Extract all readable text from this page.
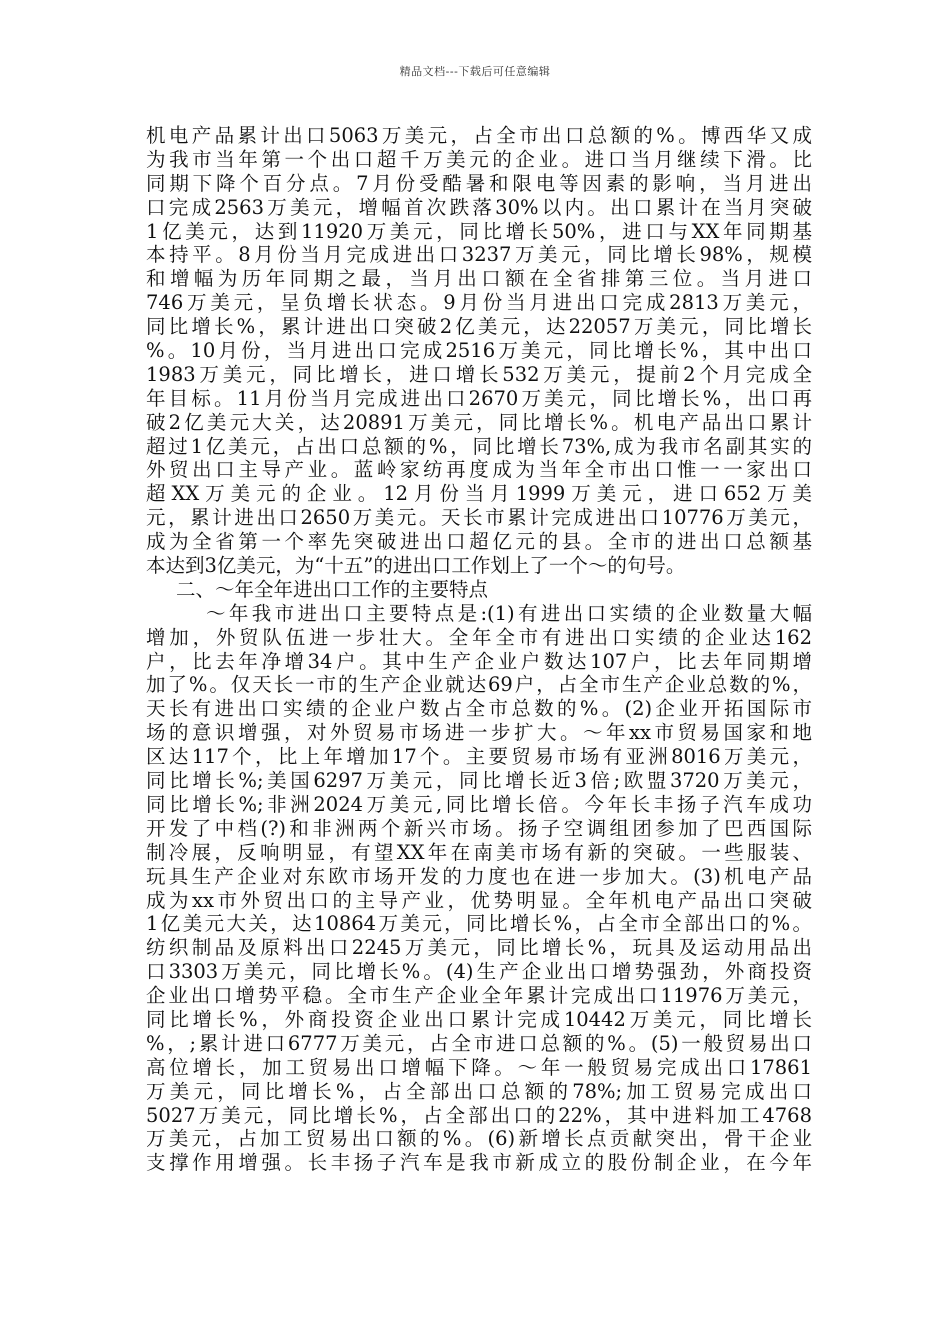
精品文档---下载后可任意编辑
机电产品累计出口5063万美元，占全市出口总额的%。博西华又成
为我市当年第一个出口超千万美元的企业。进口当月继续下滑。比
同期下降个百分点。7月份受酷暑和限电等因素的影响，当月进出
口完成2563万美元，增幅首次跌落30%以内。出口累计在当月突破
1亿美元，达到11920万美元，同比增长50%，进口与XX年同期基
本持平。8月份当月完成进出口3237万美元，同比增长98%，规模
和增幅为历年同期之最，当月出口额在全省排第三位。当月进口
746万美元，呈负增长状态。9月份当月进出口完成2813万美元，
同比增长%，累计进出口突破2亿美元，达22057万美元，同比增长
%。10月份，当月进出口完成2516万美元，同比增长%，其中出口
1983万美元，同比增长，进口增长532万美元，提前2个月完成全
年目标。11月份当月完成进出口2670万美元，同比增长%，出口再
破2亿美元大关，达20891万美元，同比增长%。机电产品出口累计
超过1亿美元，占出口总额的%，同比增长73%,成为我市名副其实的
外贸出口主导产业。蓝岭家纺再度成为当年全市出口惟一一家出口
超XX万美元的企业。12月份当月1999万美元，进口652万美
元，累计进出口2650万美元。天长市累计完成进出口10776万美元，
成为全省第一个率先突破进出口超亿元的县。全市的进出口总额基
本达到3亿美元，为“十五”的进出口工作划上了一个～的句号。
二、～年全年进出口工作的主要特点
～年我市进出口主要特点是:(1)有进出口实绩的企业数量大幅
增加，外贸队伍进一步壮大。全年全市有进出口实绩的企业达162
户，比去年净增34户。其中生产企业户数达107户，比去年同期增
加了%。仅天长一市的生产企业就达69户，占全市生产企业总数的%，
天长有进出口实绩的企业户数占全市总数的%。(2)企业开拓国际市
场的意识增强，对外贸易市场进一步扩大。～年xx市贸易国家和地
区达117个，比上年增加17个。主要贸易市场有亚洲8016万美元，
同比增长%;美国6297万美元，同比增长近3倍;欧盟3720万美元，
同比增长%;非洲2024万美元,同比增长倍。今年长丰扬子汽车成功
开发了中档(?)和非洲两个新兴市场。扬子空调组团参加了巴西国际
制冷展，反响明显，有望XX年在南美市场有新的突破。一些服装、
玩具生产企业对东欧市场开发的力度也在进一步加大。(3)机电产品
成为xx市外贸出口的主导产业，优势明显。全年机电产品出口突破
1亿美元大关，达10864万美元，同比增长%，占全市全部出口的%。
纺织制品及原料出口2245万美元，同比增长%，玩具及运动用品出
口3303万美元，同比增长%。(4)生产企业出口增势强劲，外商投资
企业出口增势平稳。全市生产企业全年累计完成出口11976万美元，
同比增长%，外商投资企业出口累计完成10442万美元，同比增长
%，;累计进口6777万美元，占全市进口总额的%。(5)一般贸易出口
高位增长，加工贸易出口增幅下降。～年一般贸易完成出口17861
万美元，同比增长%，占全部出口总额的78%;加工贸易完成出口
5027万美元，同比增长%，占全部出口的22%，其中进料加工4768
万美元，占加工贸易出口额的%。(6)新增长点贡献突出，骨干企业
支撑作用增强。长丰扬子汽车是我市新成立的股份制企业，在今年
